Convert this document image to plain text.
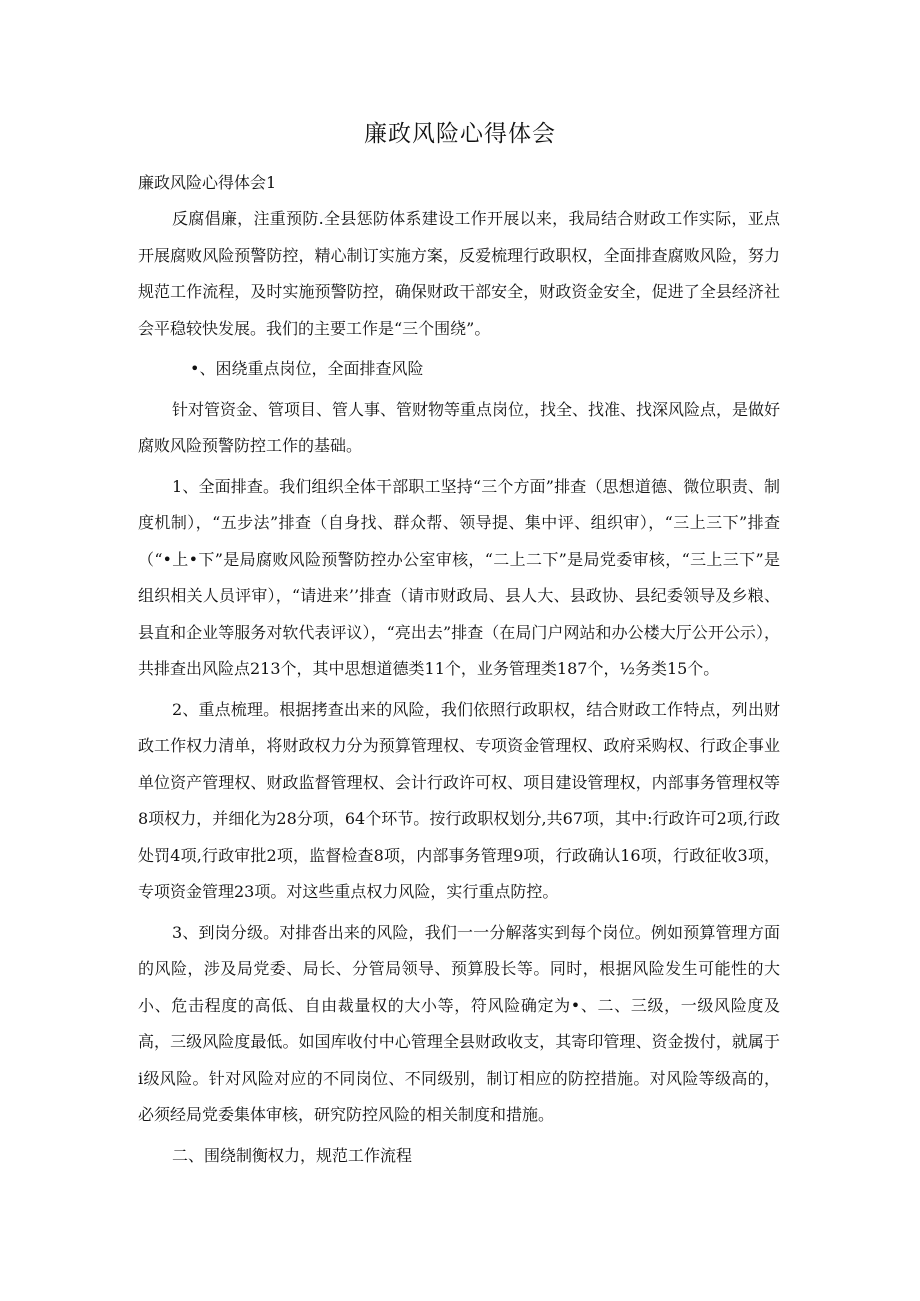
廉政风险心得体会
廉政风险心得体会1

反腐倡廉，注重预防.全县惩防体系建设工作开展以来，我局结合财政工作实际，亚点开展腐败风险预警防控，精心制订实施方案，反爱梳理行政职权，全面排查腐败风险，努力规范工作流程，及时实施预警防控，确保财政干部安全，财政资金安全，促进了全县经济社会平稳较快发展。我们的主要工作是“三个围绕”。

•、困绕重点岗位，全面排查风险

针对管资金、管项目、管人事、管财物等重点岗位，找全、找准、找深风险点，是做好腐败风险预警防控工作的基础。

1、全面排查。我们组织全体干部职工坚持“三个方面”排查（思想道德、微位职责、制度机制），“五步法”排查（自身找、群众帮、领导提、集中评、组织审），“三上三下”排查（“•上•下”是局腐败风险预警防控办公室审核，“二上二下”是局党委审核，“三上三下”是组织相关人员评审），“请进来’’排查（请市财政局、县人大、县政协、县纪委领导及乡粮、县直和企业等服务对软代表评议），“亮出去”排查（在局门户网站和办公楼大厅公开公示），共排查出风险点213个，其中思想道德类11个，业务管理类187个，½务类15个。

2、重点梳理。根据拷查出来的风险，我们依照行政职权，结合财政工作特点，列出财政工作权力清单，将财政权力分为预算管理权、专项资金管理权、政府采购权、行政企事业单位资产管理权、财政监督管理权、会计行政许可权、项目建设管理权，内部事务管理权等8项权力，并细化为28分项，64个环节。按行政职权划分,共67项，其中:行政许可2项,行政处罚4项,行政审批2项，监督检查8项，内部事务管理9项，行政确认16项，行政征收3项，专项资金管理23项。对这些重点权力风险，实行重点防控。

3、到岗分级。对排沓出来的风险，我们一一分解落实到每个岗位。例如预算管理方面的风险，涉及局党委、局长、分管局领导、预算股长等。同时，根据风险发生可能性的大小、危击程度的高低、自由裁量权的大小等，符风险确定为•、二、三级，一级风险度及高，三级风险度最低。如国库收付中心管理全县财政收支，其寄印管理、资金拨付，就属于i级风险。针对风险对应的不同岗位、不同级别，制订相应的防控措施。对风险等级高的，必须经局党委集体审核，研究防控风险的相关制度和措施。

二、围绕制衡权力，规范工作流程
